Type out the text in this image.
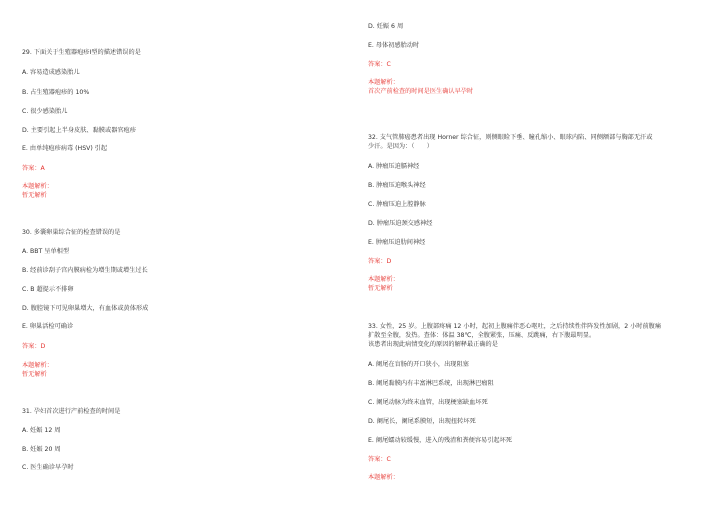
29. 下面关于生殖器疱疹Ⅰ型的描述错误的是
A. 容易造成感染胎儿
B. 占生殖器疱疹的 10%
C. 很少感染胎儿
D. 主要引起上半身皮肤、黏膜或器官疱疹
E. 由单纯疱疹病毒 (HSV) 引起
答案：A
本题解析：
暂无解析
30. 多囊卵巢综合征的检查错误的是
A. BBT 呈单相型
B. 经前诊刮子宫内膜病检为增生期或增生过长
C. B 超提示不排卵
D. 腹腔镜下可见卵巢增大，有血体或黄体形成
E. 卵巢活检可确诊
答案：D
本题解析：
暂无解析
31. 孕妇首次进行产前检查的时间是
A. 妊娠 12 周
B. 妊娠 20 周
C. 医生确诊早孕时
D. 妊娠 6 周
E. 母体初感胎动时
答案：C
本题解析：
首次产前检查的时间是医生确认早孕时
32. 支气管肺癌患者出现 Horner 综合征，则侧眼睑下垂、瞳孔缩小、眼球内陷、同侧额部与胸部无汗或
少汗。是因为：（　　）
A. 肿瘤压迫膈神经
B. 肿瘤压迫喉头神经
C. 肿瘤压迫上腔静脉
D. 肿瘤压迫颈交感神经
E. 肿瘤压迫肋间神经
答案：D
本题解析：
暂无解析
33. 女性，25 岁。上腹部疼痛 12 小时，起初上腹痛伴恶心呕吐，之后持续性伴阵发性加剧，2 小时前腹痛
扩散至全腹，发热。查体：体温 38℃，全腹紧张，压痛、反跳痛，右下腹最明显。
该患者出现此病情变化的原因的解释最正确的是
A. 阑尾在盲肠的开口狭小，出现阻塞
B. 阑尾黏膜内有丰富淋巴系统，出现淋巴瘤阻
C. 阑尾动脉为终末血管，出现梗塞缺血坏死
D. 阑尾长，阑尾系膜短，出现扭转坏死
E. 阑尾蠕动较缓慢，进入的残渣和粪便容易引起坏死
答案：C
本题解析：
